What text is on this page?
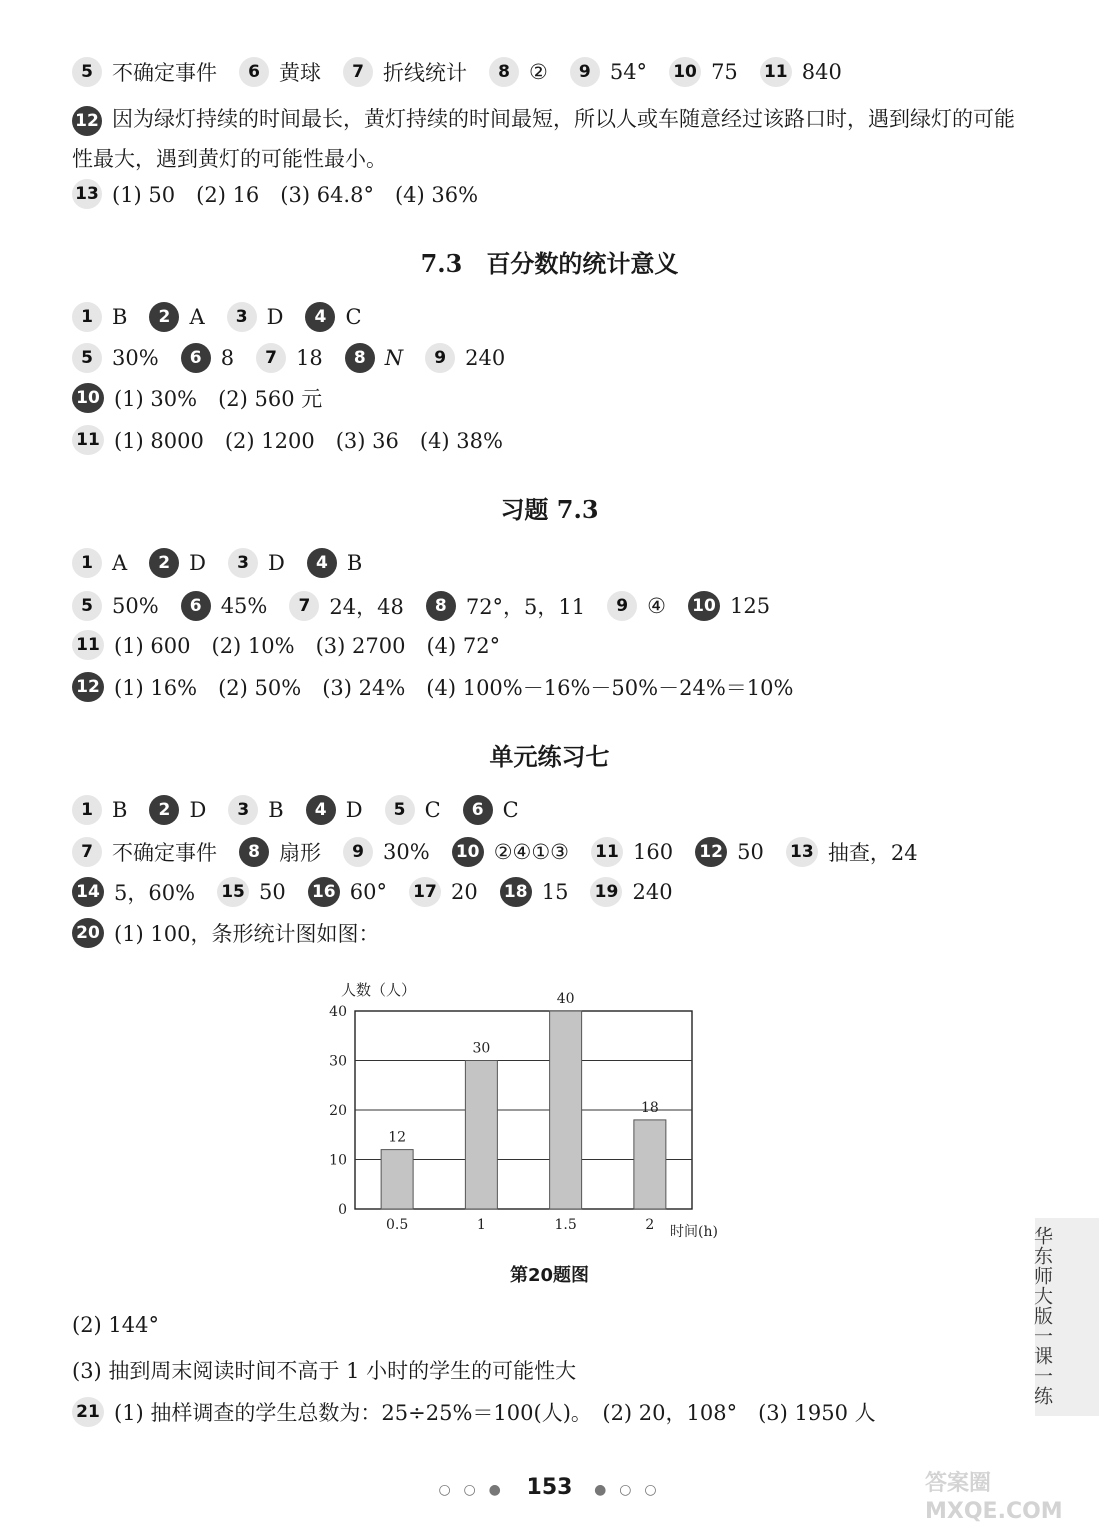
5 不确定事件	6 黄球	7 折线统计	8 ②	9 54° 10 75 11 840
12 因为绿灯持续的时间最长，黄灯持续的时间最短，所以人或车随意经过该路口时，遇到绿灯的可能性最大，遇到黄灯的可能性最小。
13 (1) 50　(2) 16　(3) 64.8°　(4) 36%
7.3　百分数的统计意义
1 B	2 A	3 D	4 C
5 30%	6 8	7 18	8 N	9 240
10 (1) 30%　(2) 560 元
11 (1) 8000　(2) 1200　(3) 36　(4) 38%
习题 7.3
1 A	2 D	3 D	4 B
5 50%	6 45%	7 24，48	8 72°，5，11	9 ④ 10 125
11 (1) 600　(2) 10%　(3) 2700　(4) 72°
12 (1) 16%　(2) 50%　(3) 24%　(4) 100%－16%－50%－24%＝10%
单元练习七
1 B	2 D	3 B	4 D	5 C	6 C
7 不确定事件	8 扇形	9 30% 10 ②④①③ 11 160 12 50 13 抽查，24
14 5，60% 15 50 16 60° 17 20 18 15 19 240
20 (1) 100，条形统计图如图：
0
10
20
30
40
12
0.5
30
1
40
1.5
18
2
人数（人）
时间(h)
第20题图
(2) 144°
(3) 抽到周末阅读时间不高于 1 小时的学生的可能性大
21 (1) 抽样调查的学生总数为：25÷25%＝100(人)。　(2) 20，108°　(3) 1950 人
华东师大版一课一练
○ ○ ● 153 ● ○ ○	答案圈 MXQE.COM
